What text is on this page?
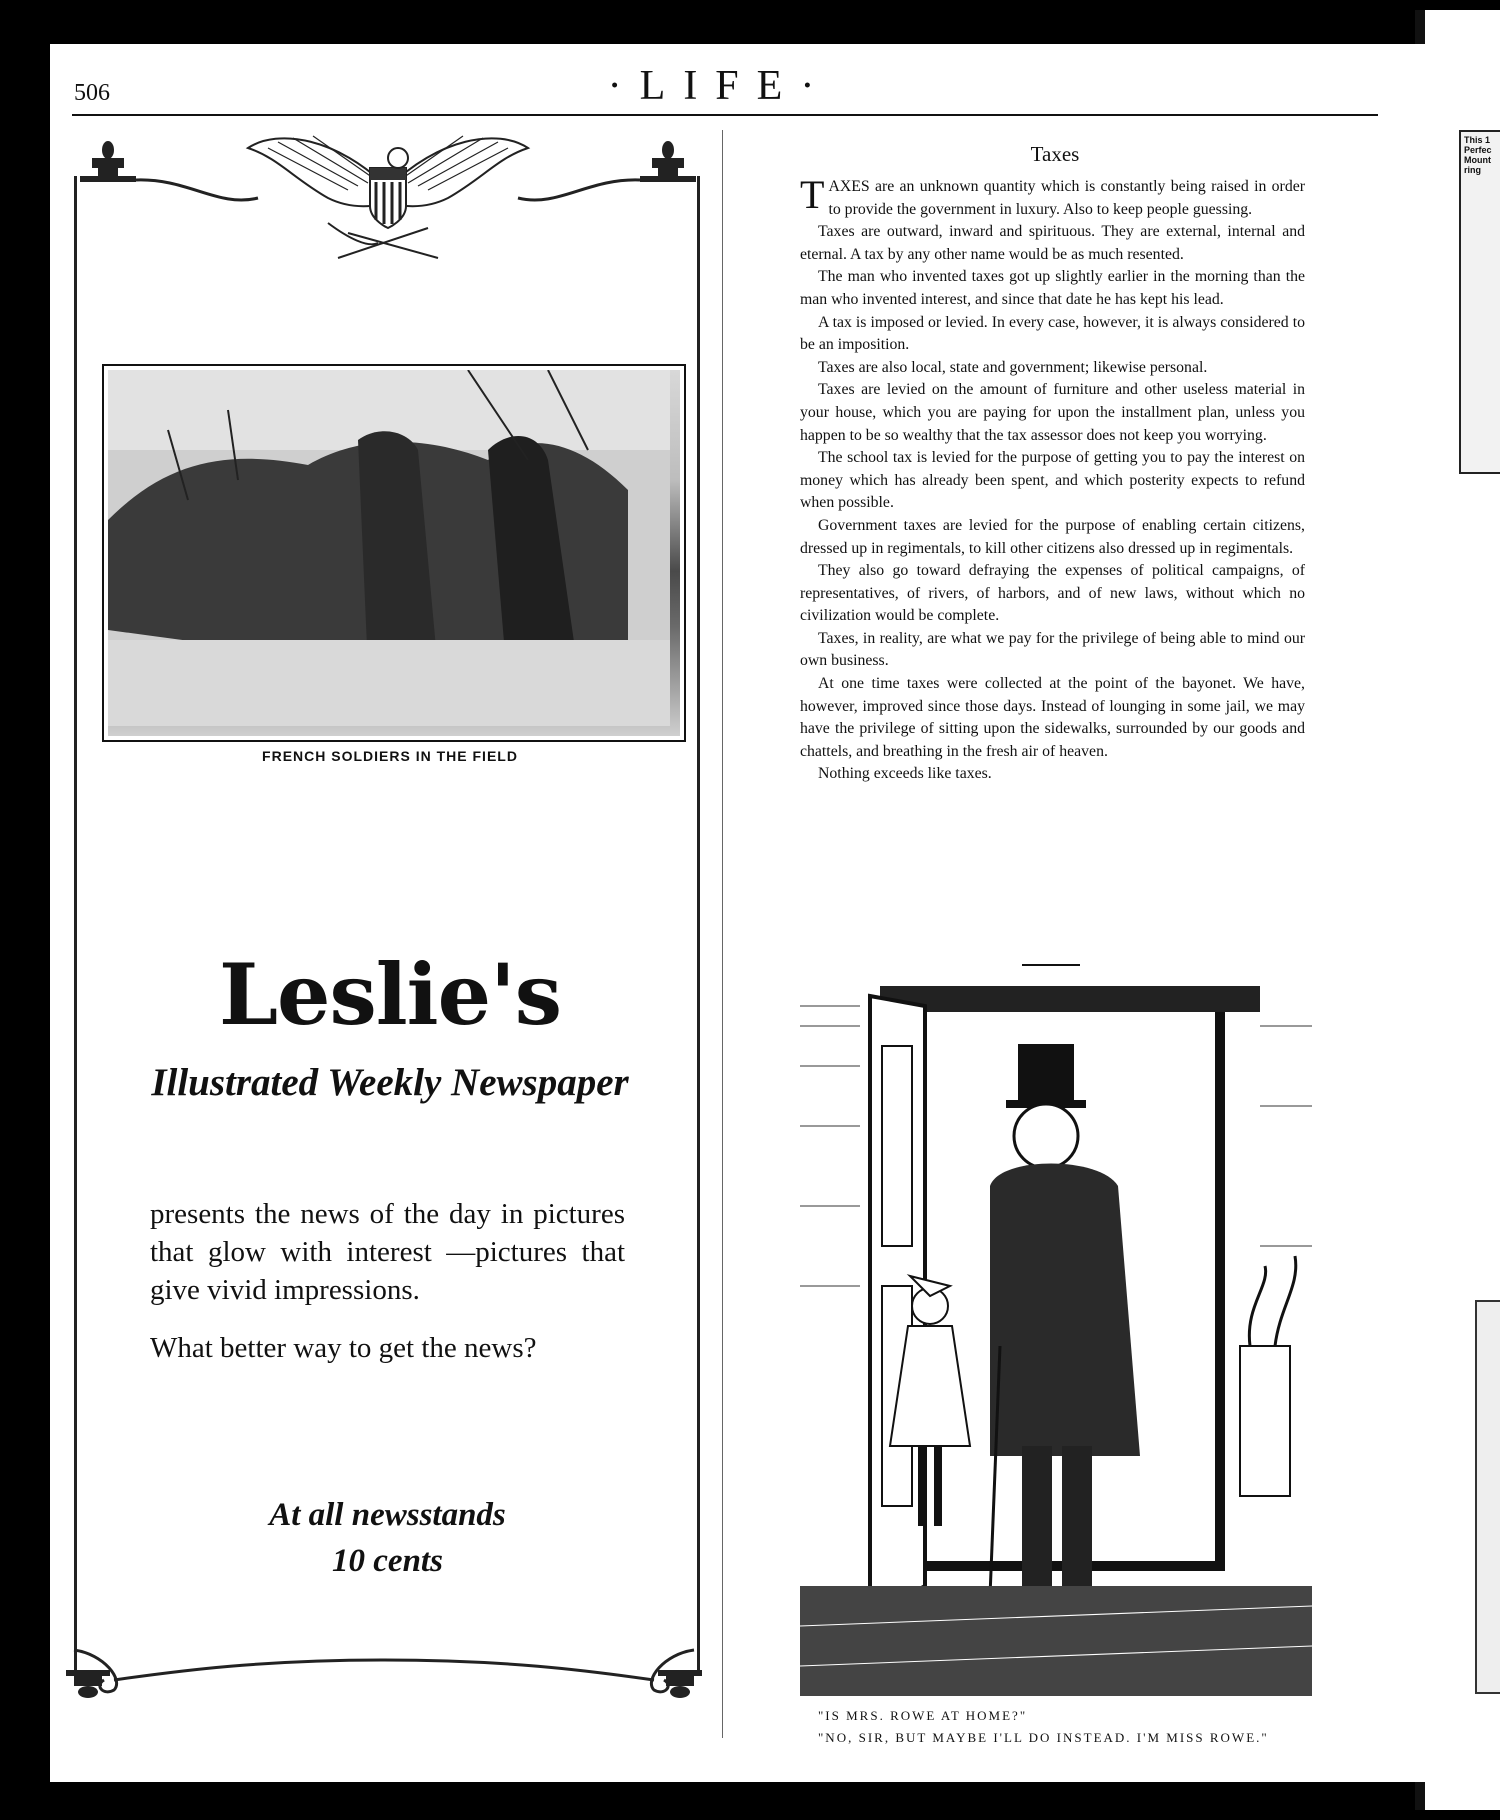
This 1
Perfec
Mount
ring
506	·LIFE·
FRENCH SOLDIERS IN THE FIELD
Leslie's
Illustrated Weekly Newspaper

presents the news of the day in pictures that glow with interest —pictures that give vivid impressions.

What better way to get the news?

At all newsstands
10 cents
Taxes

TAXES are an unknown quantity which is constantly being raised in order to provide the government in luxury. Also to keep people guessing.

Taxes are outward, inward and spirituous. They are external, internal and eternal. A tax by any other name would be as much resented.

The man who invented taxes got up slightly earlier in the morning than the man who invented interest, and since that date he has kept his lead.

A tax is imposed or levied. In every case, however, it is always considered to be an imposition.

Taxes are also local, state and government; likewise personal.

Taxes are levied on the amount of furniture and other useless material in your house, which you are paying for upon the installment plan, unless you happen to be so wealthy that the tax assessor does not keep you worrying.

The school tax is levied for the purpose of getting you to pay the interest on money which has already been spent, and which posterity expects to refund when possible.

Government taxes are levied for the purpose of enabling certain citizens, dressed up in regimentals, to kill other citizens also dressed up in regimentals.

They also go toward defraying the expenses of political campaigns, of representatives, of rivers, of harbors, and of new laws, without which no civilization would be complete.

Taxes, in reality, are what we pay for the privilege of being able to mind our own business.

At one time taxes were collected at the point of the bayonet. We have, however, improved since those days. Instead of lounging in some jail, we may have the privilege of sitting upon the sidewalks, surrounded by our goods and chattels, and breathing in the fresh air of heaven.

Nothing exceeds like taxes.

"IS MRS. ROWE AT HOME?"
"NO, SIR, BUT MAYBE I'LL DO INSTEAD. I'M MISS ROWE."
comicbooks.com
